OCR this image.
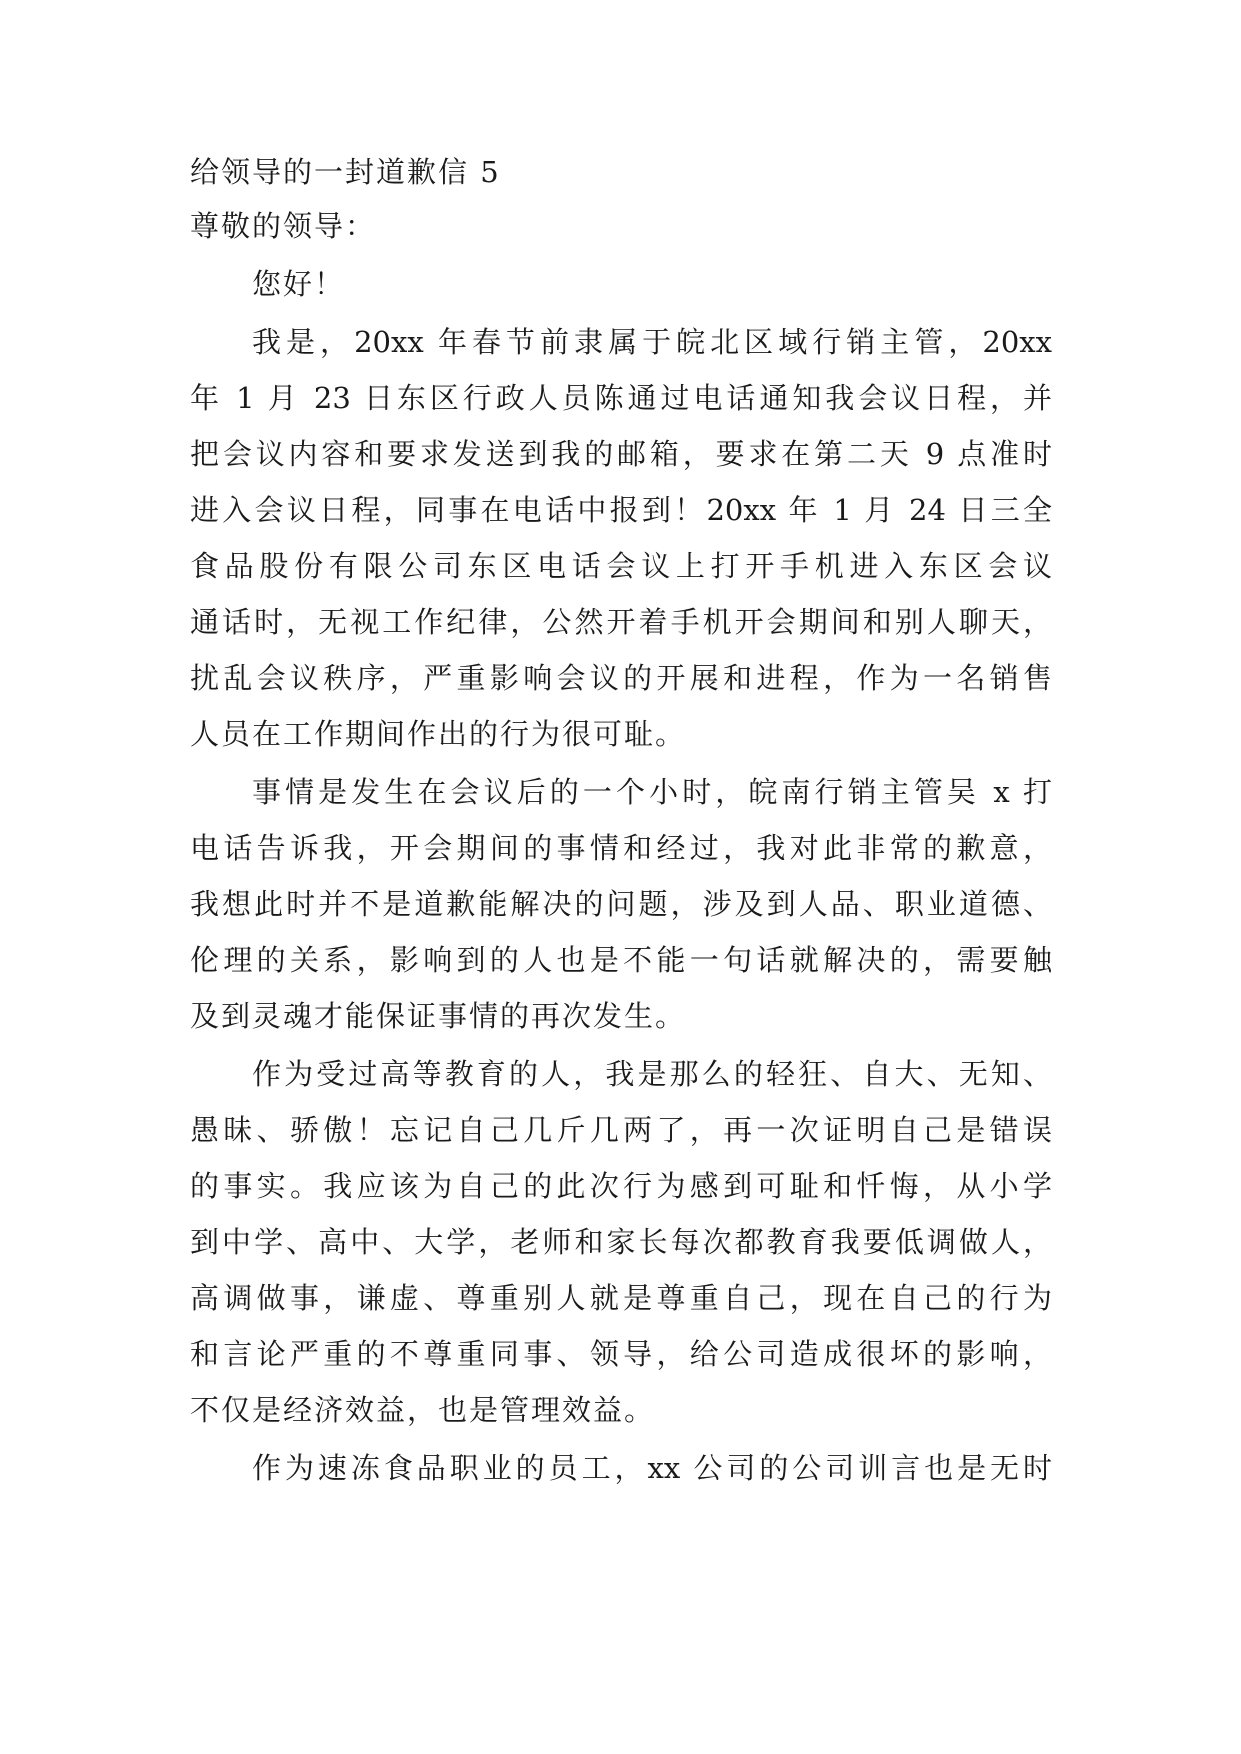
给领导的一封道歉信 5
尊敬的领导：
您好！
我是，20xx 年春节前隶属于皖北区域行销主管，20xx
年 1 月 23 日东区行政人员陈通过电话通知我会议日程，并
把会议内容和要求发送到我的邮箱，要求在第二天 9 点准时
进入会议日程，同事在电话中报到！20xx 年 1 月 24 日三全
食品股份有限公司东区电话会议上打开手机进入东区会议
通话时，无视工作纪律，公然开着手机开会期间和别人聊天，
扰乱会议秩序，严重影响会议的开展和进程，作为一名销售
人员在工作期间作出的行为很可耻。
事情是发生在会议后的一个小时，皖南行销主管吴 x 打
电话告诉我，开会期间的事情和经过，我对此非常的歉意，
我想此时并不是道歉能解决的问题，涉及到人品、职业道德、
伦理的关系，影响到的人也是不能一句话就解决的，需要触
及到灵魂才能保证事情的再次发生。
作为受过高等教育的人，我是那么的轻狂、自大、无知、
愚昧、骄傲！忘记自己几斤几两了，再一次证明自己是错误
的事实。我应该为自己的此次行为感到可耻和忏悔，从小学
到中学、高中、大学，老师和家长每次都教育我要低调做人，
高调做事，谦虚、尊重别人就是尊重自己，现在自己的行为
和言论严重的不尊重同事、领导，给公司造成很坏的影响，
不仅是经济效益，也是管理效益。
作为速冻食品职业的员工，xx 公司的公司训言也是无时
